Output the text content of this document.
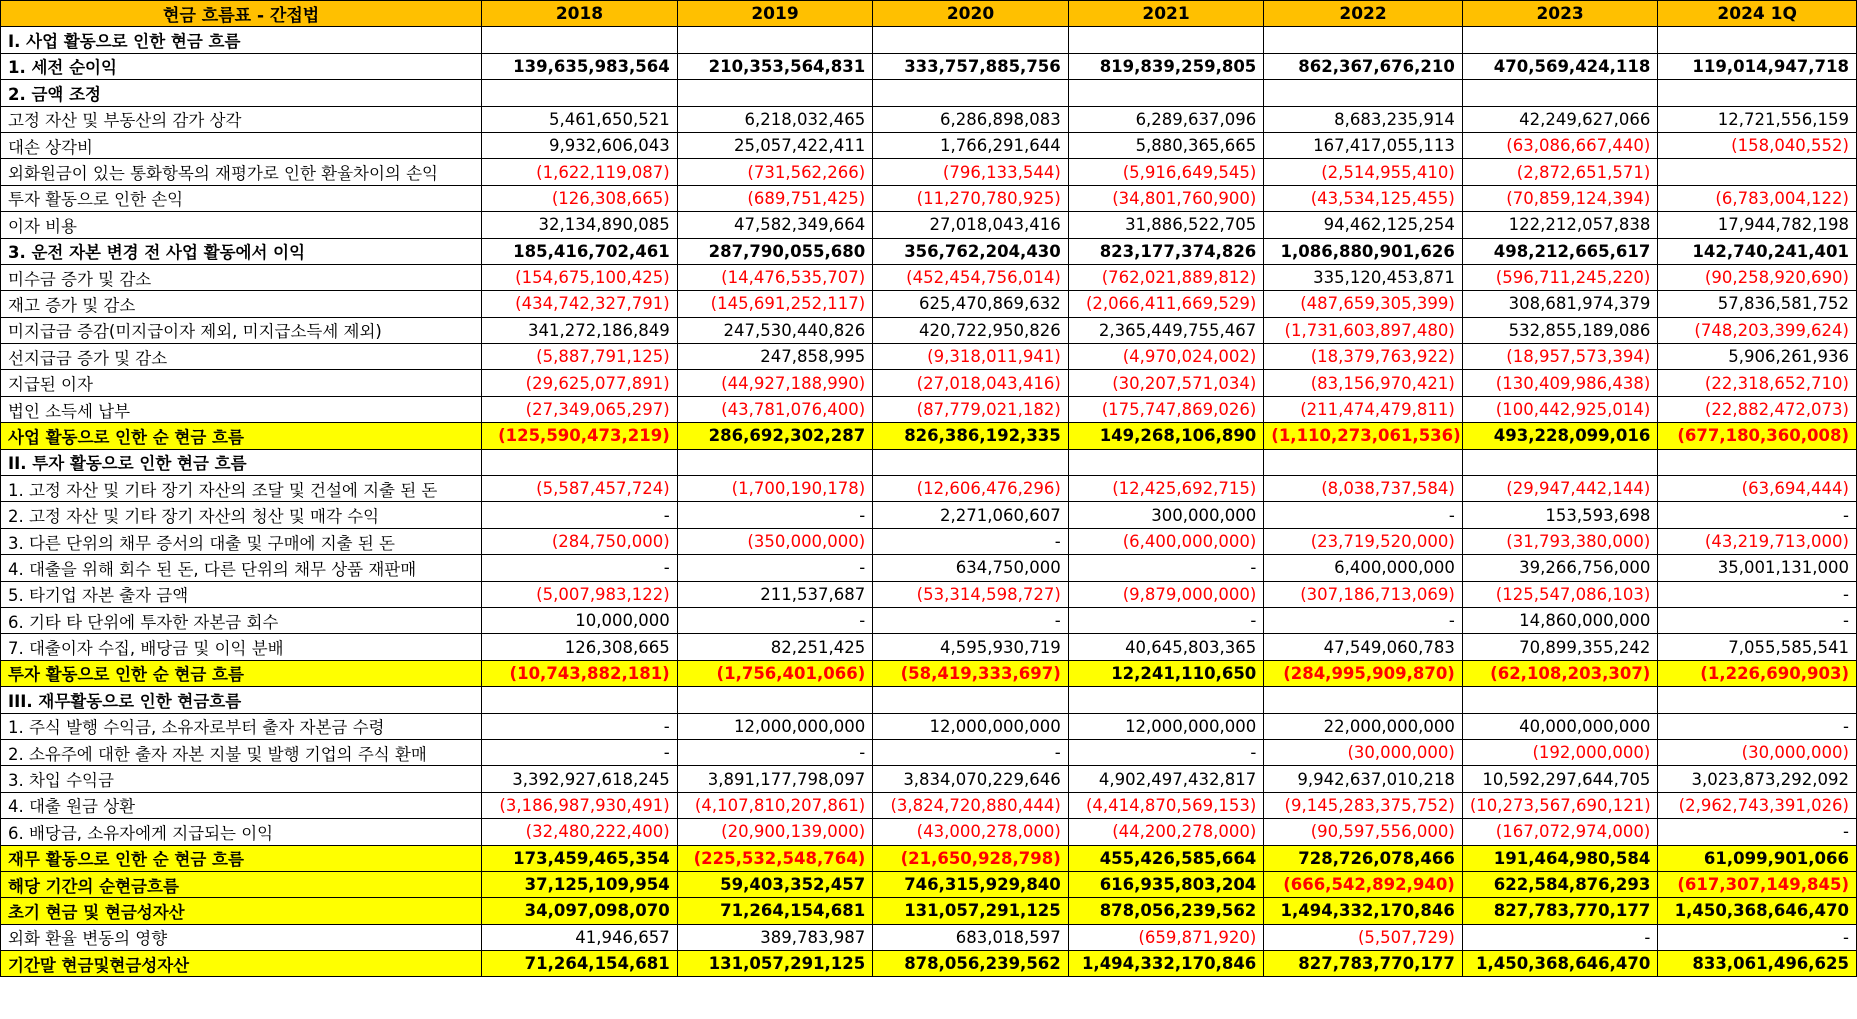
현금 흐름표 - 간접법	2018	2019	2020	2021	2022	2023	2024 1Q
I. 사업 활동으로 인한 현금 흐름							
1. 세전 순이익	139,635,983,564	210,353,564,831	333,757,885,756	819,839,259,805	862,367,676,210	470,569,424,118	119,014,947,718
2. 금액 조정							
고정 자산 및 부동산의 감가 상각	5,461,650,521	6,218,032,465	6,286,898,083	6,289,637,096	8,683,235,914	42,249,627,066	12,721,556,159
대손 상각비	9,932,606,043	25,057,422,411	1,766,291,644	5,880,365,665	167,417,055,113	(63,086,667,440)	(158,040,552)
외화원금이 있는 통화항목의 재평가로 인한 환율차이의 손익	(1,622,119,087)	(731,562,266)	(796,133,544)	(5,916,649,545)	(2,514,955,410)	(2,872,651,571)	
투자 활동으로 인한 손익	(126,308,665)	(689,751,425)	(11,270,780,925)	(34,801,760,900)	(43,534,125,455)	(70,859,124,394)	(6,783,004,122)
이자 비용	32,134,890,085	47,582,349,664	27,018,043,416	31,886,522,705	94,462,125,254	122,212,057,838	17,944,782,198
3. 운전 자본 변경 전 사업 활동에서 이익	185,416,702,461	287,790,055,680	356,762,204,430	823,177,374,826	1,086,880,901,626	498,212,665,617	142,740,241,401
미수금 증가 및 감소	(154,675,100,425)	(14,476,535,707)	(452,454,756,014)	(762,021,889,812)	335,120,453,871	(596,711,245,220)	(90,258,920,690)
재고 증가 및 감소	(434,742,327,791)	(145,691,252,117)	625,470,869,632	(2,066,411,669,529)	(487,659,305,399)	308,681,974,379	57,836,581,752
미지급금 증감(미지급이자 제외, 미지급소득세 제외)	341,272,186,849	247,530,440,826	420,722,950,826	2,365,449,755,467	(1,731,603,897,480)	532,855,189,086	(748,203,399,624)
선지급금 증가 및 감소	(5,887,791,125)	247,858,995	(9,318,011,941)	(4,970,024,002)	(18,379,763,922)	(18,957,573,394)	5,906,261,936
지급된 이자	(29,625,077,891)	(44,927,188,990)	(27,018,043,416)	(30,207,571,034)	(83,156,970,421)	(130,409,986,438)	(22,318,652,710)
법인 소득세 납부	(27,349,065,297)	(43,781,076,400)	(87,779,021,182)	(175,747,869,026)	(211,474,479,811)	(100,442,925,014)	(22,882,472,073)
사업 활동으로 인한 순 현금 흐름	(125,590,473,219)	286,692,302,287	826,386,192,335	149,268,106,890	(1,110,273,061,536)	493,228,099,016	(677,180,360,008)
II. 투자 활동으로 인한 현금 흐름							
1. 고정 자산 및 기타 장기 자산의 조달 및 건설에 지출 된 돈	(5,587,457,724)	(1,700,190,178)	(12,606,476,296)	(12,425,692,715)	(8,038,737,584)	(29,947,442,144)	(63,694,444)
2. 고정 자산 및 기타 장기 자산의 청산 및 매각 수익	-	-	2,271,060,607	300,000,000	-	153,593,698	-
3. 다른 단위의 채무 증서의 대출 및 구매에 지출 된 돈	(284,750,000)	(350,000,000)	-	(6,400,000,000)	(23,719,520,000)	(31,793,380,000)	(43,219,713,000)
4. 대출을 위해 회수 된 돈, 다른 단위의 채무 상품 재판매	-	-	634,750,000	-	6,400,000,000	39,266,756,000	35,001,131,000
5. 타기업 자본 출자 금액	(5,007,983,122)	211,537,687	(53,314,598,727)	(9,879,000,000)	(307,186,713,069)	(125,547,086,103)	-
6. 기타 타 단위에 투자한 자본금 회수	10,000,000	-	-	-	-	14,860,000,000	-
7. 대출이자 수집, 배당금 및 이익 분배	126,308,665	82,251,425	4,595,930,719	40,645,803,365	47,549,060,783	70,899,355,242	7,055,585,541
투자 활동으로 인한 순 현금 흐름	(10,743,882,181)	(1,756,401,066)	(58,419,333,697)	12,241,110,650	(284,995,909,870)	(62,108,203,307)	(1,226,690,903)
III. 재무활동으로 인한 현금흐름							
1. 주식 발행 수익금, 소유자로부터 출자 자본금 수령	-	12,000,000,000	12,000,000,000	12,000,000,000	22,000,000,000	40,000,000,000	-
2. 소유주에 대한 출자 자본 지불 및 발행 기업의 주식 환매	-	-	-	-	(30,000,000)	(192,000,000)	(30,000,000)
3. 차입 수익금	3,392,927,618,245	3,891,177,798,097	3,834,070,229,646	4,902,497,432,817	9,942,637,010,218	10,592,297,644,705	3,023,873,292,092
4. 대출 원금 상환	(3,186,987,930,491)	(4,107,810,207,861)	(3,824,720,880,444)	(4,414,870,569,153)	(9,145,283,375,752)	(10,273,567,690,121)	(2,962,743,391,026)
6. 배당금, 소유자에게 지급되는 이익	(32,480,222,400)	(20,900,139,000)	(43,000,278,000)	(44,200,278,000)	(90,597,556,000)	(167,072,974,000)	-
재무 활동으로 인한 순 현금 흐름	173,459,465,354	(225,532,548,764)	(21,650,928,798)	455,426,585,664	728,726,078,466	191,464,980,584	61,099,901,066
해당 기간의 순현금흐름	37,125,109,954	59,403,352,457	746,315,929,840	616,935,803,204	(666,542,892,940)	622,584,876,293	(617,307,149,845)
초기 현금 및 현금성자산	34,097,098,070	71,264,154,681	131,057,291,125	878,056,239,562	1,494,332,170,846	827,783,770,177	1,450,368,646,470
외화 환율 변동의 영향	41,946,657	389,783,987	683,018,597	(659,871,920)	(5,507,729)	-	-
기간말 현금및현금성자산	71,264,154,681	131,057,291,125	878,056,239,562	1,494,332,170,846	827,783,770,177	1,450,368,646,470	833,061,496,625
